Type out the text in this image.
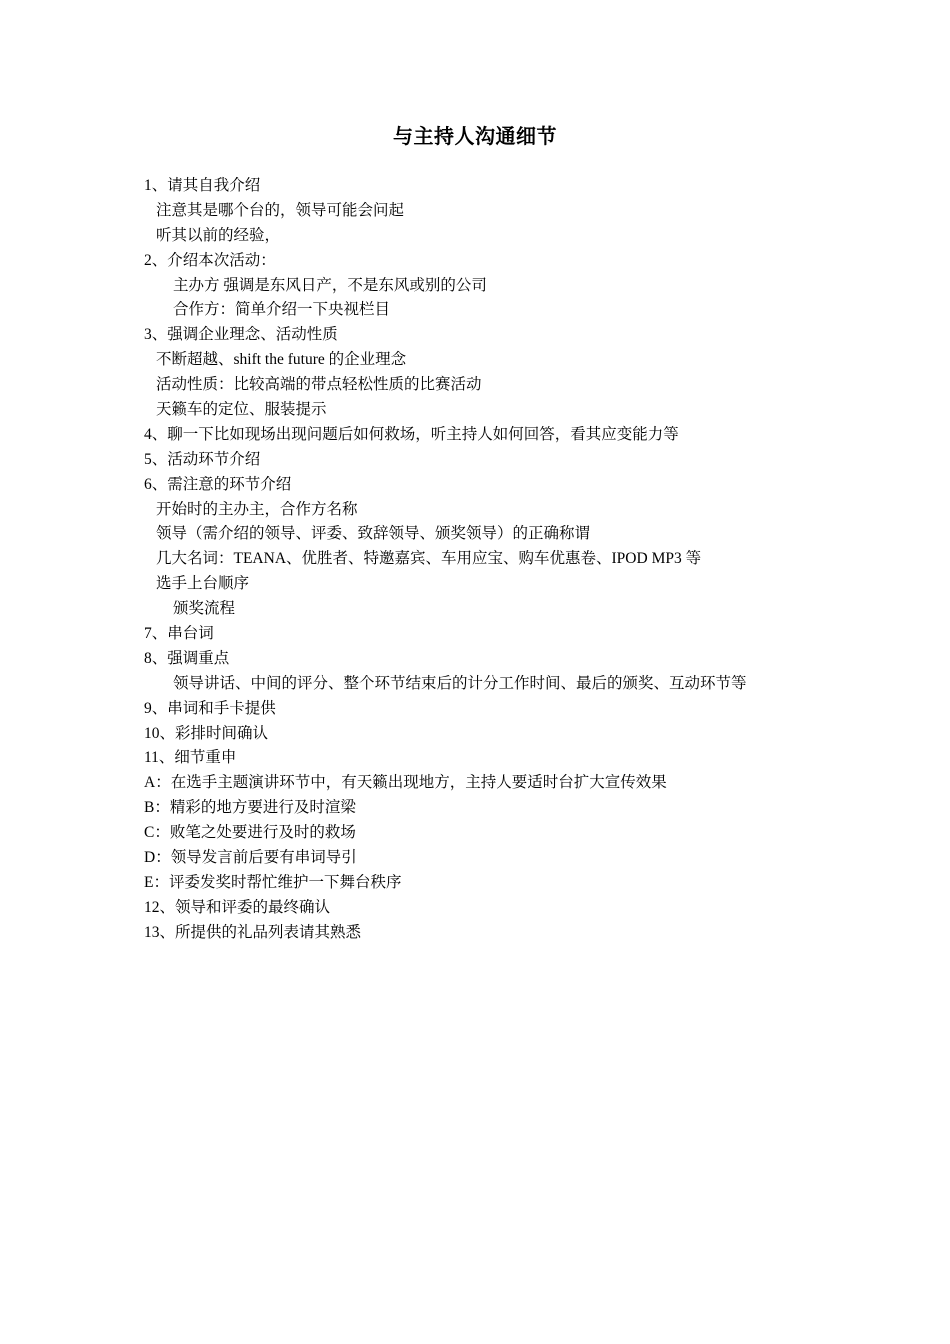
与主持人沟通细节
1、请其自我介绍
注意其是哪个台的，领导可能会问起
听其以前的经验，
2、介绍本次活动：
主办方 强调是东风日产，不是东风或别的公司
合作方：简单介绍一下央视栏目
3、强调企业理念、活动性质
不断超越、shift the future 的企业理念
活动性质：比较高端的带点轻松性质的比赛活动
天籁车的定位、服装提示
4、聊一下比如现场出现问题后如何救场，听主持人如何回答，看其应变能力等
5、活动环节介绍
6、需注意的环节介绍
开始时的主办主，合作方名称
领导（需介绍的领导、评委、致辞领导、颁奖领导）的正确称谓
几大名词：TEANA、优胜者、特邀嘉宾、车用应宝、购车优惠卷、IPOD MP3 等
选手上台顺序
颁奖流程
7、串台词
8、强调重点
领导讲话、中间的评分、整个环节结束后的计分工作时间、最后的颁奖、互动环节等
9、串词和手卡提供
10、彩排时间确认
11、细节重申
A：在选手主题演讲环节中，有天籁出现地方，主持人要适时台扩大宣传效果
B：精彩的地方要进行及时渲梁
C：败笔之处要进行及时的救场
D：领导发言前后要有串词导引
E：评委发奖时帮忙维护一下舞台秩序
12、领导和评委的最终确认
13、所提供的礼品列表请其熟悉
